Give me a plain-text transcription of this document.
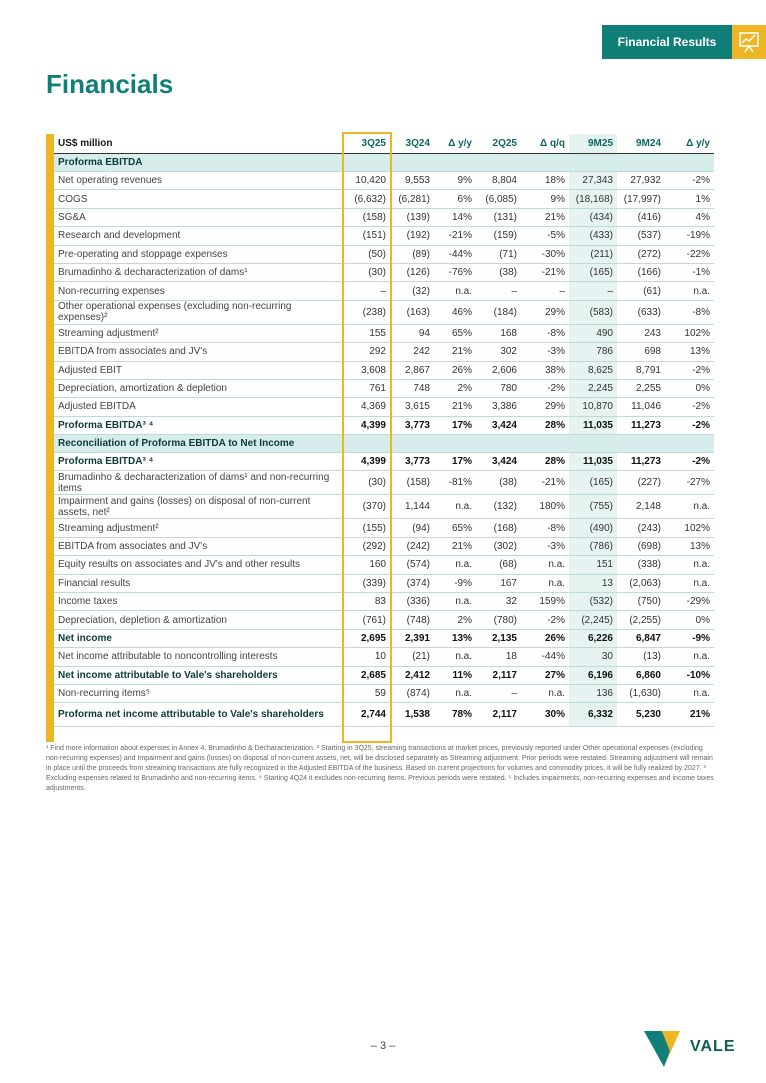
Financial Results
Financials
US$ million	3Q25	3Q24	Δ y/y	2Q25	Δ q/q	9M25	9M24	Δ y/y
Proforma EBITDA								
Net operating revenues	10,420	9,553	9%	8,804	18%	27,343	27,932	-2%
COGS	(6,632)	(6,281)	6%	(6,085)	9%	(18,168)	(17,997)	1%
SG&A	(158)	(139)	14%	(131)	21%	(434)	(416)	4%
Research and development	(151)	(192)	-21%	(159)	-5%	(433)	(537)	-19%
Pre-operating and stoppage expenses	(50)	(89)	-44%	(71)	-30%	(211)	(272)	-22%
Brumadinho & decharacterization of dams¹	(30)	(126)	-76%	(38)	-21%	(165)	(166)	-1%
Non-recurring expenses	–	(32)	n.a.	–	–	–	(61)	n.a.
Other operational expenses (excluding non-recurring expenses)²	(238)	(163)	46%	(184)	29%	(583)	(633)	-8%
Streaming adjustment²	155	94	65%	168	-8%	490	243	102%
EBITDA from associates and JV's	292	242	21%	302	-3%	786	698	13%
Adjusted EBIT	3,608	2,867	26%	2,606	38%	8,625	8,791	-2%
Depreciation, amortization & depletion	761	748	2%	780	-2%	2,245	2,255	0%
Adjusted EBITDA	4,369	3,615	21%	3,386	29%	10,870	11,046	-2%
Proforma EBITDA³ ⁴	4,399	3,773	17%	3,424	28%	11,035	11,273	-2%
Reconciliation of Proforma EBITDA to Net Income								
Proforma EBITDA³ ⁴	4,399	3,773	17%	3,424	28%	11,035	11,273	-2%
Brumadinho & decharacterization of dams¹ and non-recurring items	(30)	(158)	-81%	(38)	-21%	(165)	(227)	-27%
Impairment and gains (losses) on disposal of non-current assets, net²	(370)	1,144	n.a.	(132)	180%	(755)	2,148	n.a.
Streaming adjustment²	(155)	(94)	65%	(168)	-8%	(490)	(243)	102%
EBITDA from associates and JV's	(292)	(242)	21%	(302)	-3%	(786)	(698)	13%
Equity results on associates and JV's and other results	160	(574)	n.a.	(68)	n.a.	151	(338)	n.a.
Financial results	(339)	(374)	-9%	167	n.a.	13	(2,063)	n.a.
Income taxes	83	(336)	n.a.	32	159%	(532)	(750)	-29%
Depreciation, depletion & amortization	(761)	(748)	2%	(780)	-2%	(2,245)	(2,255)	0%
Net income	2,695	2,391	13%	2,135	26%	6,226	6,847	-9%
Net income attributable to noncontrolling interests	10	(21)	n.a.	18	-44%	30	(13)	n.a.
Net income attributable to Vale's shareholders	2,685	2,412	11%	2,117	27%	6,196	6,860	-10%
Non-recurring items⁵	59	(874)	n.a.	–	n.a.	136	(1,630)	n.a.
Proforma net income attributable to Vale's shareholders	2,744	1,538	78%	2,117	30%	6,332	5,230	21%

¹ Find more information about expenses in Annex 4: Brumadinho & Decharacterization. ² Starting in 3Q25, streaming transactions at market prices, previously reported under Other operational expenses (excluding non-recurring expenses) and Impairment and gains (losses) on disposal of non-current assets, net, will be disclosed separately as Streaming adjustment. Prior periods were restated. Streaming adjustment will remain in place until the proceeds from streaming transactions are fully recognized in the Adjusted EBITDA of the business. Based on current projections for volumes and commodity prices, it will be fully realized by 2027. ³ Excluding expenses related to Brumadinho and non-recurring items. ⁴ Starting 4Q24 it excludes non-recurring items. Previous periods were restated. ⁵ Includes impairments, non-recurring expenses and income taxes adjustments.

– 3 –	VALE
